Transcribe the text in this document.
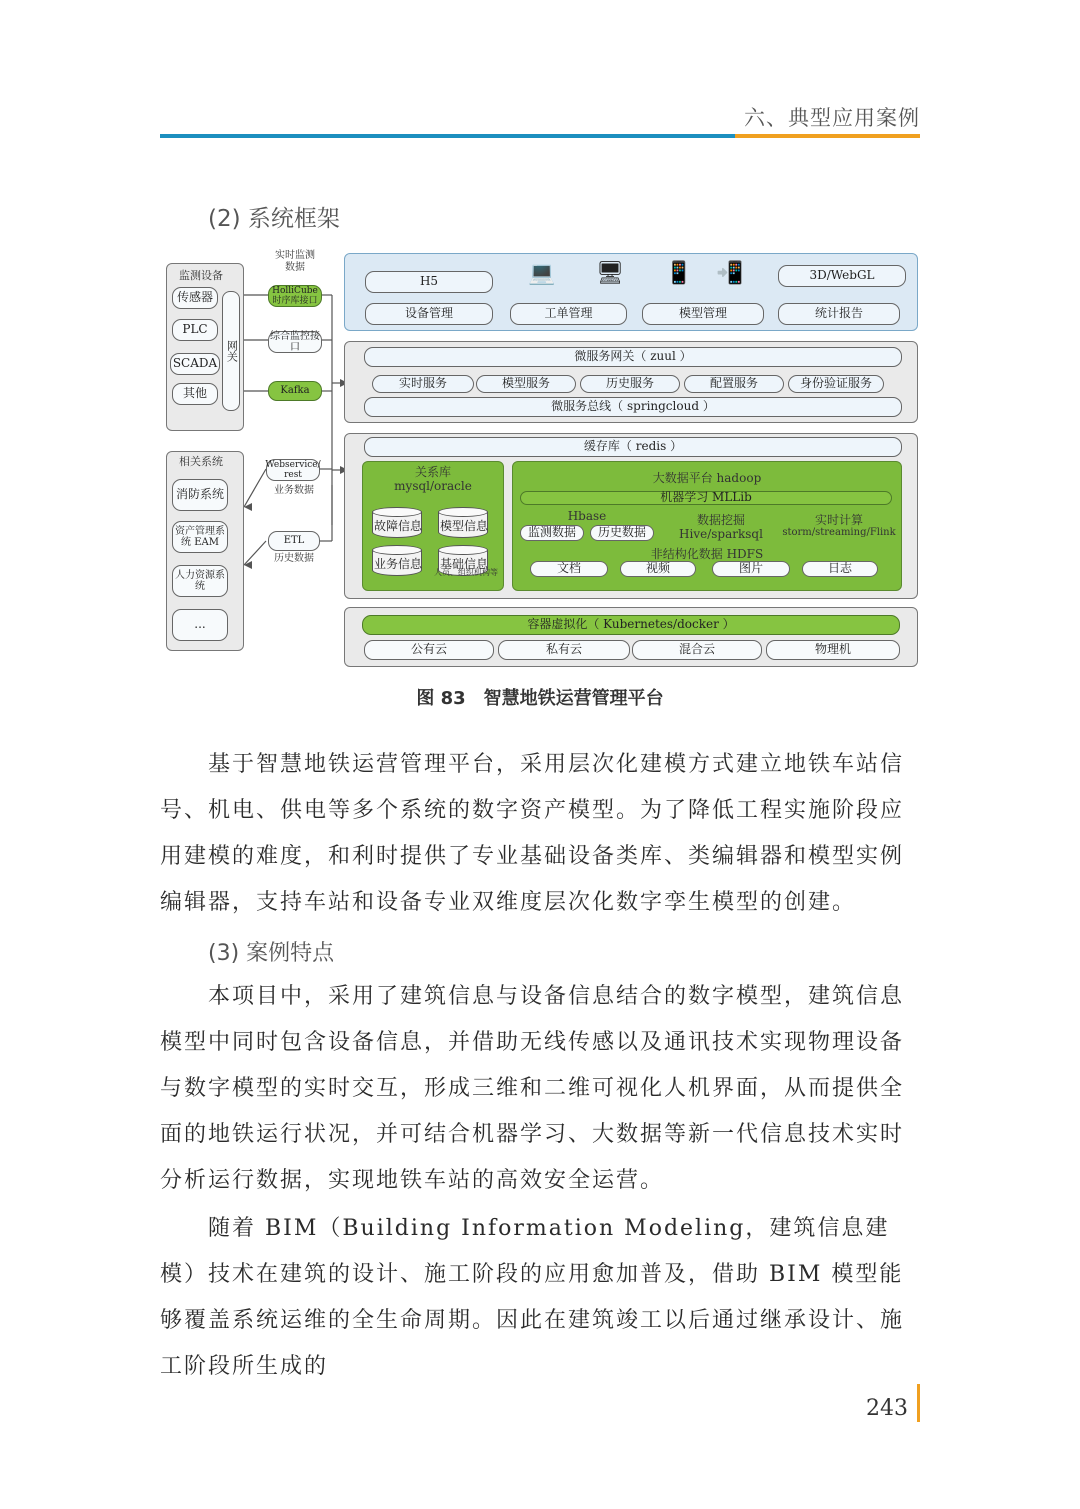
六、典型应用案例
(2) 系统框架
监测设备
传感器
PLC
SCADA
其他
网关
相关系统
消防系统
资产管理系统 EAM
人力资源系统
...
实时监测数据
HolliCube 时序库接口
综合监控接口
Kafka
Webservice/ rest
业务数据
ETL
历史数据
H5	3D/WebGL
💻 🖥 📱 📲
设备管理	工单管理	模型管理	统计报告
微服务网关（ zuul ）
实时服务	模型服务	历史服务	配置服务	身份验证服务
微服务总线（ springcloud ）
缓存库（ redis ）
关系库
mysql/oracle
故障信息	模型信息
业务信息	基础信息
人员、组织机构等
大数据平台 hadoop
机器学习 MLLib
Hbase
监测数据	历史数据
数据挖掘
Hive/sparksql
实时计算
storm/streaming/Flink
非结构化数据 HDFS
文档	视频	图片	日志
容器虚拟化（ Kubernetes/docker ）
公有云	私有云	混合云	物理机
图 83　智慧地铁运营管理平台

基于智慧地铁运营管理平台，采用层次化建模方式建立地铁车站信号、机电、供电等多个系统的数字资产模型。为了降低工程实施阶段应用建模的难度，和利时提供了专业基础设备类库、类编辑器和模型实例编辑器，支持车站和设备专业双维度层次化数字孪生模型的创建。

(3) 案例特点

本项目中，采用了建筑信息与设备信息结合的数字模型，建筑信息模型中同时包含设备信息，并借助无线传感以及通讯技术实现物理设备与数字模型的实时交互，形成三维和二维可视化人机界面，从而提供全面的地铁运行状况，并可结合机器学习、大数据等新一代信息技术实时分析运行数据，实现地铁车站的高效安全运营。

随着 BIM（Building Information Modeling，建筑信息建模）技术在建筑的设计、施工阶段的应用愈加普及，借助 BIM 模型能够覆盖系统运维的全生命周期。因此在建筑竣工以后通过继承设计、施工阶段所生成的

243
